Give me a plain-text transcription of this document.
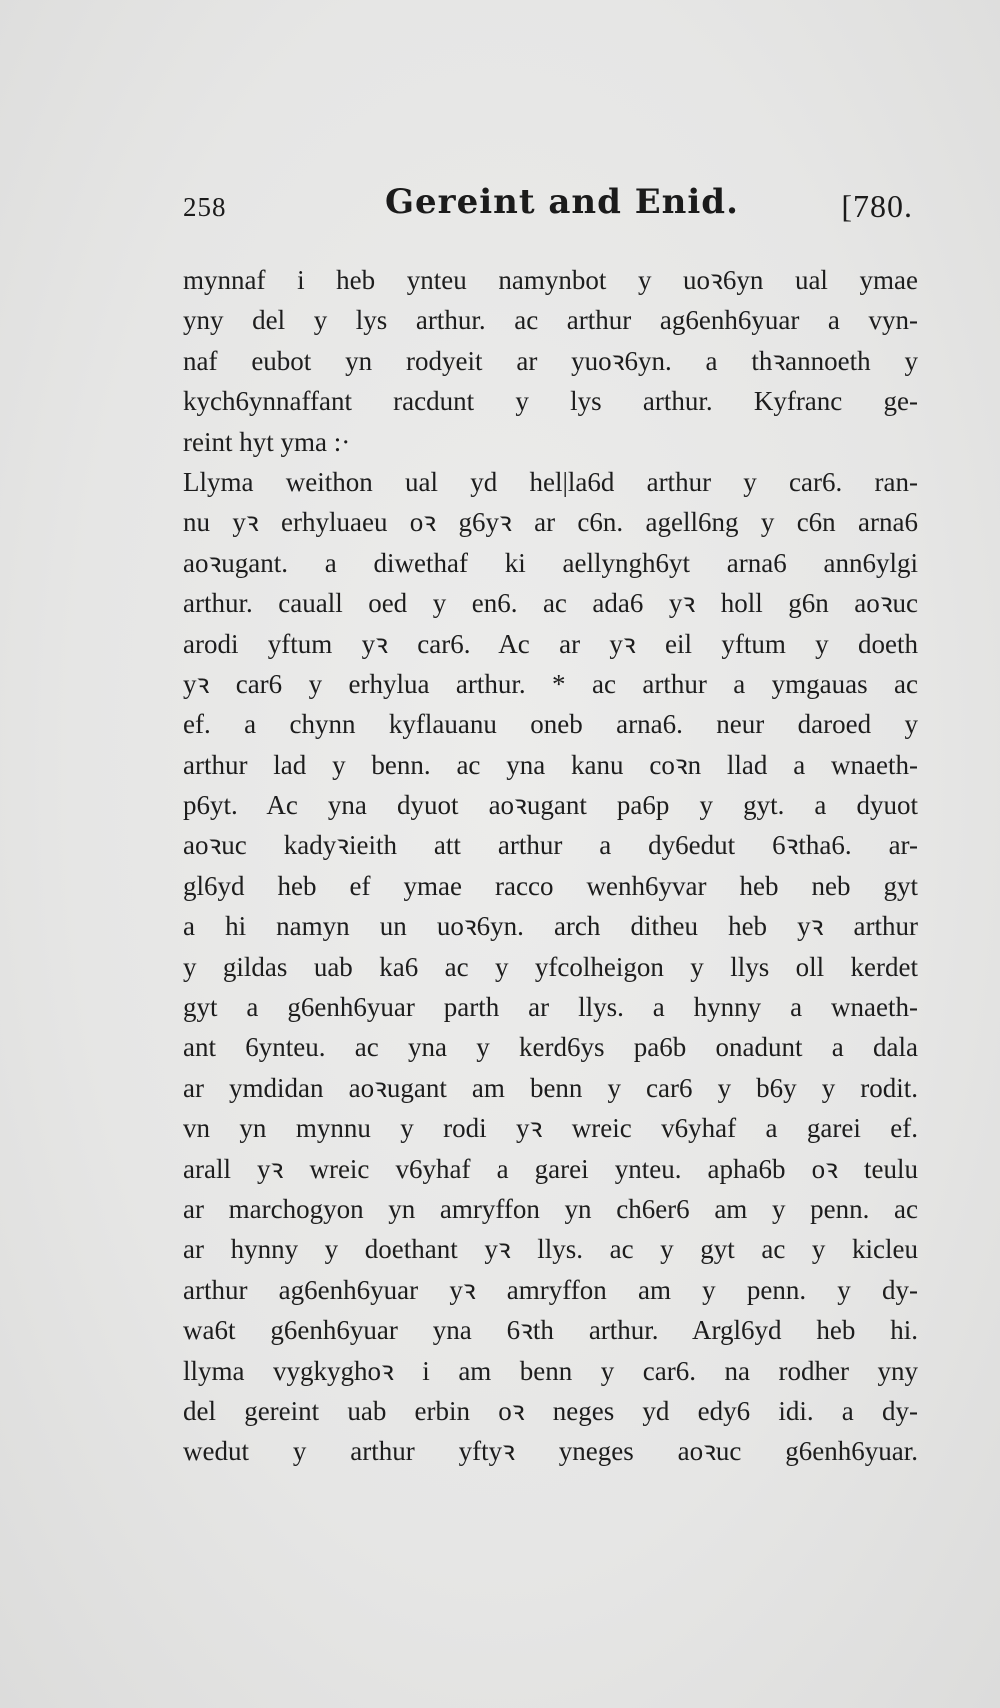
258	Gereint and Enid.	[780.
mynnaf i heb ynteu namynbot y uoꝛ6yn ual ymae
yny del y lys arthur. ac arthur ag6enh6yuar a vyn-
naf eubot yn rodyeit ar yuoꝛ6yn. a thꝛannoeth y
kych6ynnaffant racdunt y lys arthur. Kyfranc ge-
reint hyt yma :·
Llyma weithon ual yd hel|la6d arthur y car6. ran-
nu yꝛ erhyluaeu oꝛ g6yꝛ ar c6n. agell6ng y c6n arna6
aoꝛugant. a diwethaf ki aellyngh6yt arna6 ann6ylgi
arthur. cauall oed y en6. ac ada6 yꝛ holl g6n aoꝛuc
arodi yftum yꝛ car6. Ac ar yꝛ eil yftum y doeth
yꝛ car6 y erhylua arthur. * ac arthur a ymgauas ac
ef. a chynn kyflauanu oneb arna6. neur daroed y
arthur lad y benn. ac yna kanu coꝛn llad a wnaeth-
p6yt. Ac yna dyuot aoꝛugant pa6p y gyt. a dyuot
aoꝛuc kadyꝛieith att arthur a dy6edut 6ꝛtha6. ar-
gl6yd heb ef ymae racco wenh6yvar heb neb gyt
a hi namyn un uoꝛ6yn. arch ditheu heb yꝛ arthur
y gildas uab ka6 ac y yfcolheigon y llys oll kerdet
gyt a g6enh6yuar parth ar llys. a hynny a wnaeth-
ant 6ynteu. ac yna y kerd6ys pa6b onadunt a dala
ar ymdidan aoꝛugant am benn y car6 y b6y y rodit.
vn yn mynnu y rodi yꝛ wreic v6yhaf a garei ef.
arall yꝛ wreic v6yhaf a garei ynteu. apha6b oꝛ teulu
ar marchogyon yn amryffon yn ch6er6 am y penn. ac
ar hynny y doethant yꝛ llys. ac y gyt ac y kicleu
arthur ag6enh6yuar yꝛ amryffon am y penn. y dy-
wa6t g6enh6yuar yna 6ꝛth arthur. Argl6yd heb hi.
llyma vygkyghoꝛ i am benn y car6. na rodher yny
del gereint uab erbin oꝛ neges yd edy6 idi. a dy-
wedut y arthur yftyꝛ yneges aoꝛuc g6enh6yuar.
